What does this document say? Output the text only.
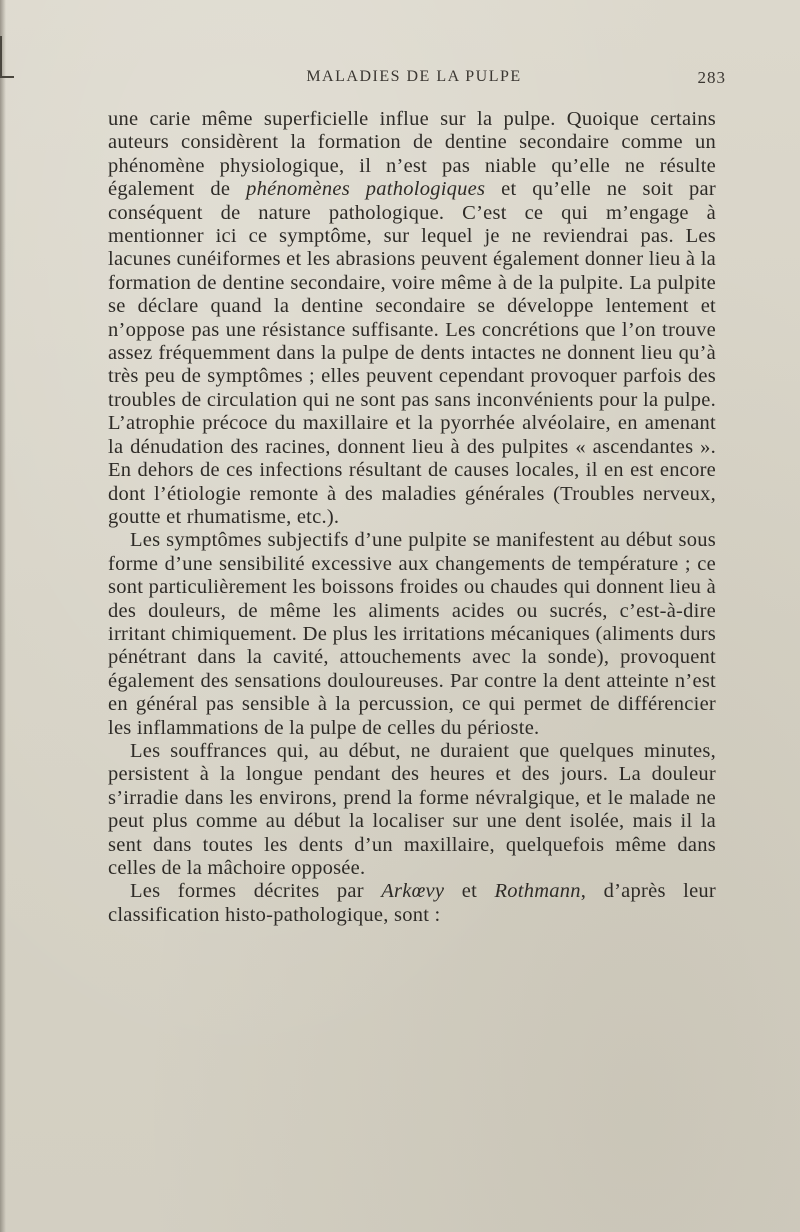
MALADIES DE LA PULPE	283

une carie même superficielle influe sur la pulpe. Quoique certains auteurs considèrent la formation de dentine secondaire comme un phénomène physiologique, il n’est pas niable qu’elle ne résulte également de phénomènes pathologiques et qu’elle ne soit par conséquent de nature pathologique. C’est ce qui m’engage à mentionner ici ce symptôme, sur lequel je ne reviendrai pas. Les lacunes cunéiformes et les abrasions peuvent également donner lieu à la formation de dentine secondaire, voire même à de la pulpite. La pulpite se déclare quand la dentine secondaire se développe lentement et n’oppose pas une résistance suffisante. Les concrétions que l’on trouve assez fréquemment dans la pulpe de dents intactes ne donnent lieu qu’à très peu de symptômes ; elles peuvent cependant provoquer parfois des troubles de circulation qui ne sont pas sans inconvénients pour la pulpe. L’atrophie précoce du maxillaire et la pyorrhée alvéolaire, en amenant la dénudation des racines, donnent lieu à des pulpites « ascendantes ». En dehors de ces infections résultant de causes locales, il en est encore dont l’étiologie remonte à des maladies générales (Troubles nerveux, goutte et rhumatisme, etc.).

Les symptômes subjectifs d’une pulpite se manifestent au début sous forme d’une sensibilité excessive aux changements de température ; ce sont particulièrement les boissons froides ou chaudes qui donnent lieu à des douleurs, de même les aliments acides ou sucrés, c’est-à-dire irritant chimiquement. De plus les irritations mécaniques (aliments durs pénétrant dans la cavité, attouchements avec la sonde), provoquent également des sensations douloureuses. Par contre la dent atteinte n’est en général pas sensible à la percussion, ce qui permet de différencier les inflammations de la pulpe de celles du périoste.

Les souffrances qui, au début, ne duraient que quelques minutes, persistent à la longue pendant des heures et des jours. La douleur s’irradie dans les environs, prend la forme névralgique, et le malade ne peut plus comme au début la localiser sur une dent isolée, mais il la sent dans toutes les dents d’un maxillaire, quelquefois même dans celles de la mâchoire opposée.

Les formes décrites par Arkœvy et Rothmann, d’après leur classification histo-pathologique, sont :
